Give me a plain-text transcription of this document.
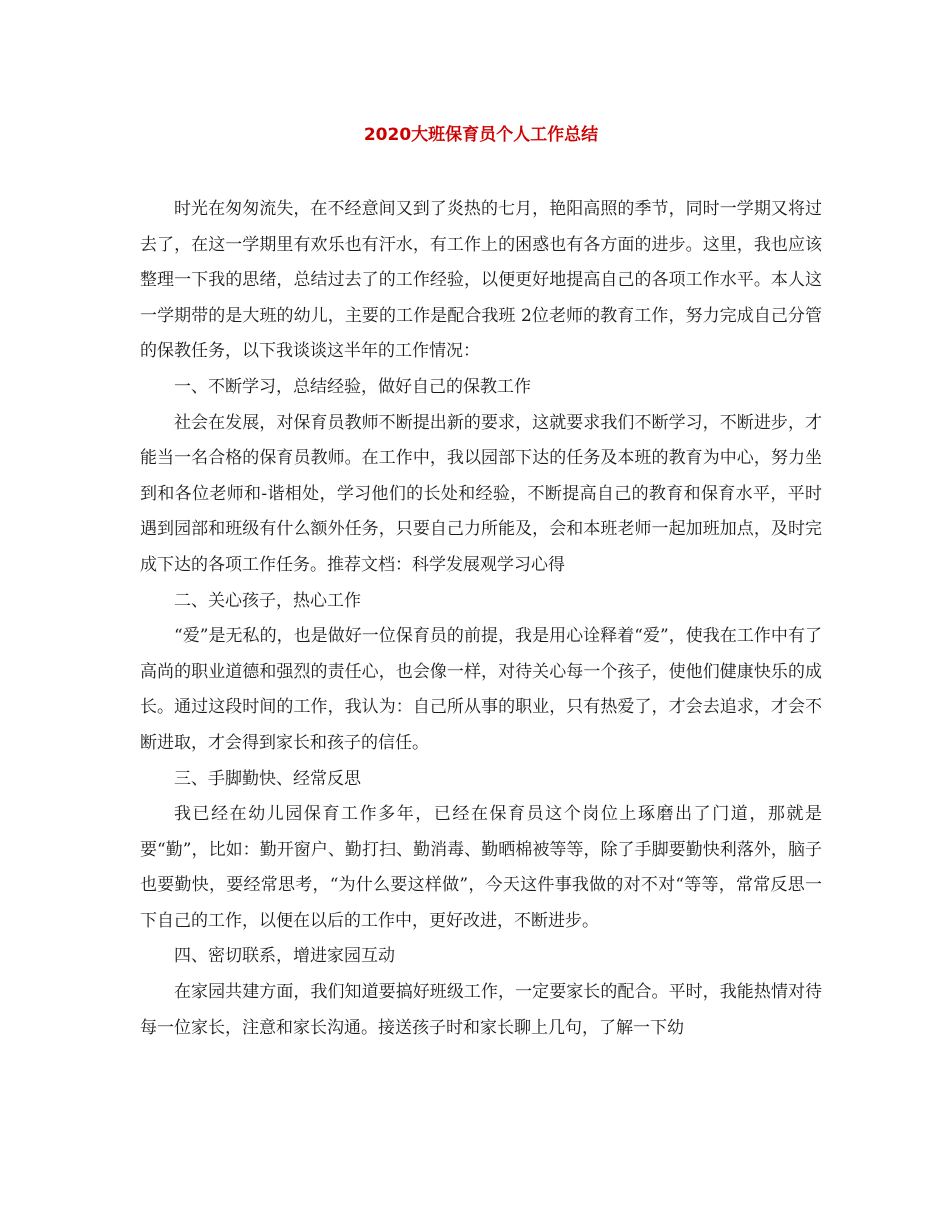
2020大班保育员个人工作总结

时光在匆匆流失，在不经意间又到了炎热的七月，艳阳高照的季节，同时一学期又将过去了，在这一学期里有欢乐也有汗水，有工作上的困惑也有各方面的进步。这里，我也应该整理一下我的思绪，总结过去了的工作经验，以便更好地提高自己的各项工作水平。本人这一学期带的是大班的幼儿，主要的工作是配合我班 2位老师的教育工作，努力完成自己分管的保教任务，以下我谈谈这半年的工作情况：

一、不断学习，总结经验，做好自己的保教工作

社会在发展，对保育员教师不断提出新的要求，这就要求我们不断学习，不断进步，才能当一名合格的保育员教师。在工作中，我以园部下达的任务及本班的教育为中心，努力坐到和各位老师和-谐相处，学习他们的长处和经验，不断提高自己的教育和保育水平，平时遇到园部和班级有什么额外任务，只要自己力所能及，会和本班老师一起加班加点，及时完成下达的各项工作任务。推荐文档：科学发展观学习心得

二、关心孩子，热心工作

“爱”是无私的，也是做好一位保育员的前提，我是用心诠释着“爱”，使我在工作中有了高尚的职业道德和强烈的责任心，也会像一样，对待关心每一个孩子，使他们健康快乐的成长。通过这段时间的工作，我认为：自己所从事的职业，只有热爱了，才会去追求，才会不断进取，才会得到家长和孩子的信任。

三、手脚勤快、经常反思

我已经在幼儿园保育工作多年，已经在保育员这个岗位上琢磨出了门道，那就是要“勤”，比如：勤开窗户、勤打扫、勤消毒、勤晒棉被等等，除了手脚要勤快利落外，脑子也要勤快，要经常思考，“为什么要这样做”，今天这件事我做的对不对“等等，常常反思一下自己的工作，以便在以后的工作中，更好改进，不断进步。

四、密切联系，增进家园互动

在家园共建方面，我们知道要搞好班级工作，一定要家长的配合。平时，我能热情对待每一位家长，注意和家长沟通。接送孩子时和家长聊上几句，了解一下幼
